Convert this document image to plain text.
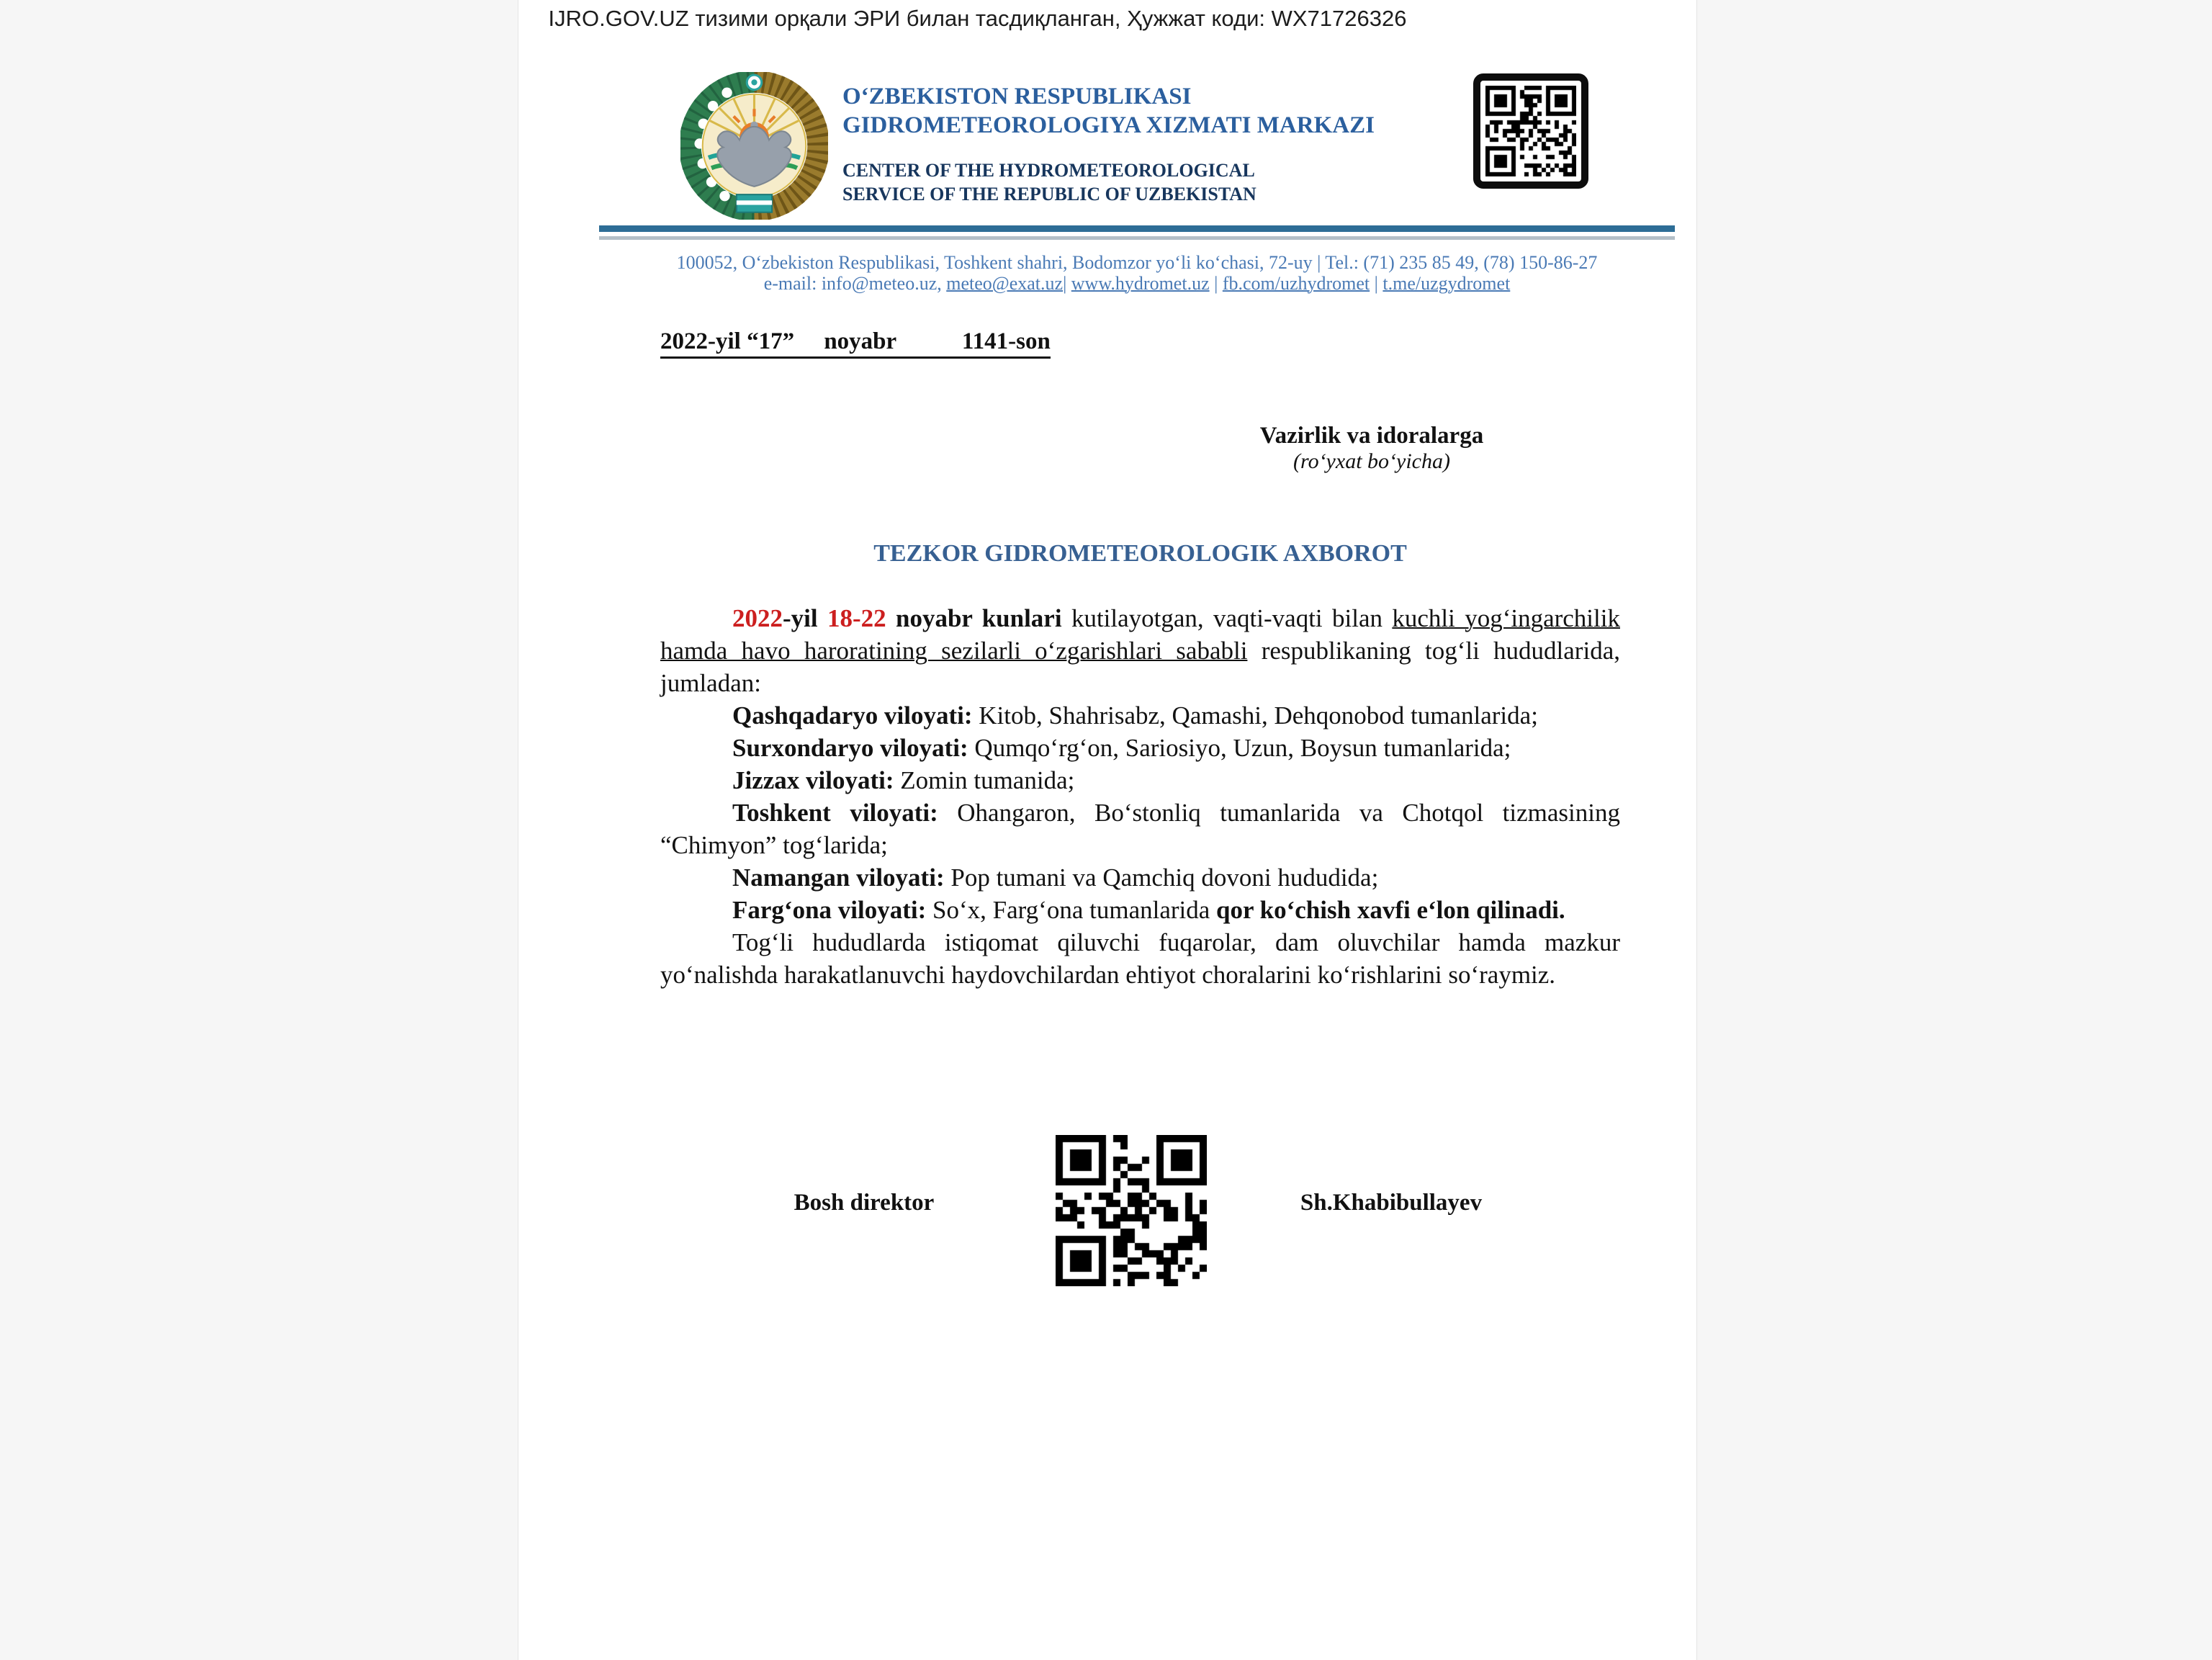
IJRO.GOV.UZ тизими орқали ЭРИ билан тасдиқланган, Ҳужжат коди: WX71726326
OʻZBEKISTON RESPUBLIKASI
GIDROMETEOROLOGIYA XIZMATI MARKAZI
CENTER OF THE HYDROMETEOROLOGICAL
SERVICE OF THE REPUBLIC OF UZBEKISTAN
100052, Oʻzbekiston Respublikasi, Toshkent shahri, Bodomzor yoʻli koʻchasi, 72-uy | Tel.: (71) 235 85 49, (78) 150-86-27
e-mail: info@meteo.uz, meteo@exat.uz| www.hydromet.uz | fb.com/uzhydromet | t.me/uzgydromet
2022-yil “17”     noyabr           1141-son
Vazirlik va idoralarga
(roʻyxat boʻyicha)
TEZKOR GIDROMETEOROLOGIK AXBOROT

2022-yil 18-22 noyabr kunlari kutilayotgan, vaqti-vaqti bilan kuchli yogʻingarchilik hamda havo haroratining sezilarli oʻzgarishlari sababli respublikaning togʻli hududlarida, jumladan:

Qashqadaryo viloyati: Kitob, Shahrisabz, Qamashi, Dehqonobod tumanlarida;

Surxondaryo viloyati: Qumqoʻrgʻon, Sariosiyo, Uzun, Boysun tumanlarida;

Jizzax viloyati: Zomin tumanida;

Toshkent viloyati: Ohangaron, Boʻstonliq tumanlarida va Chotqol tizmasining “Chimyon” togʻlarida;

Namangan viloyati: Pop tumani va Qamchiq dovoni hududida;

Fargʻona viloyati: Soʻx, Fargʻona tumanlarida qor koʻchish xavfi eʻlon qilinadi.

Togʻli hududlarda istiqomat qiluvchi fuqarolar, dam oluvchilar hamda mazkur yoʻnalishda harakatlanuvchi haydovchilardan ehtiyot choralarini koʻrishlarini soʻraymiz.

Bosh direktor	Sh.Khabibullayev
